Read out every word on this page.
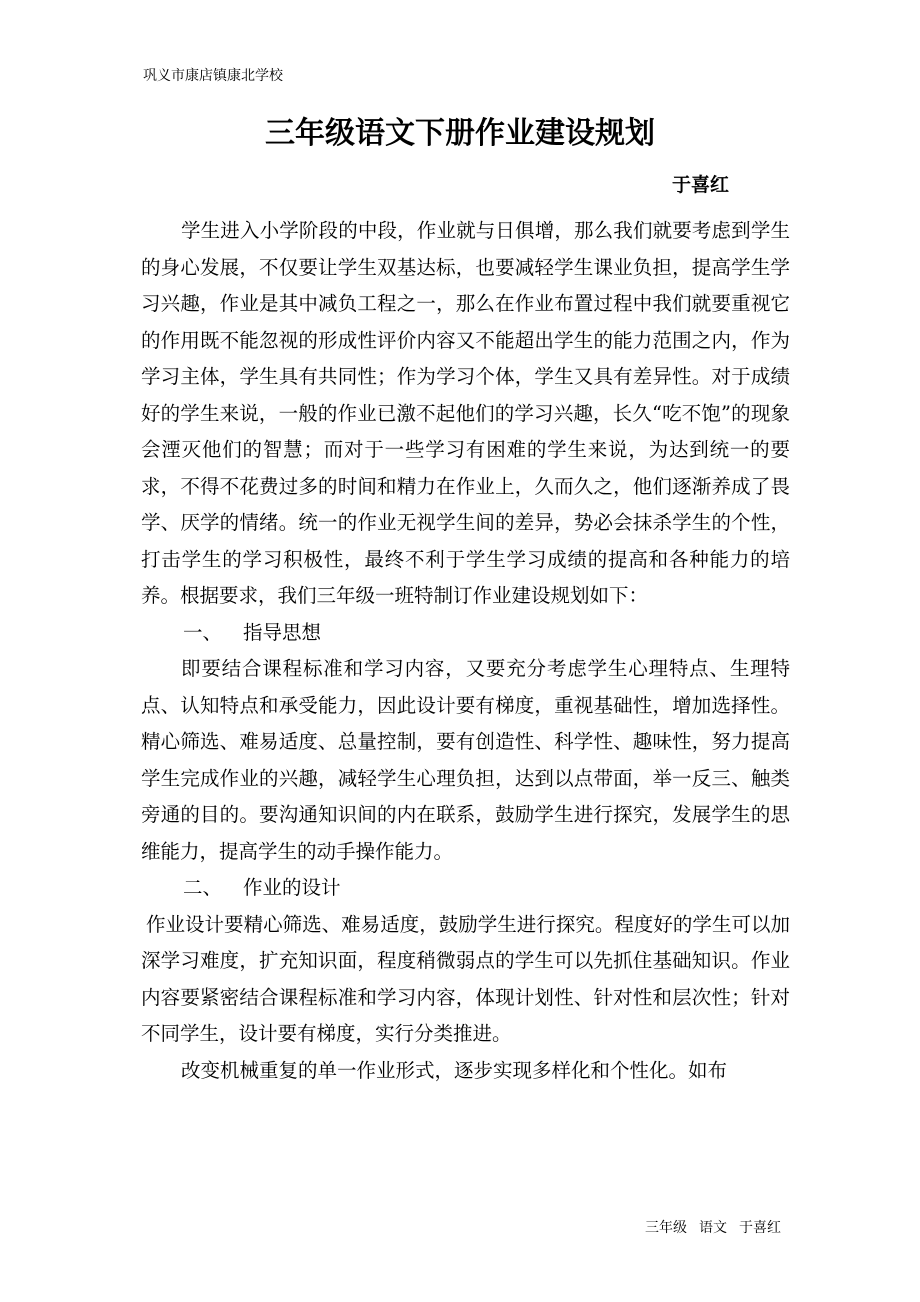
巩义市康店镇康北学校
三年级语文下册作业建设规划
于喜红

学生进入小学阶段的中段，作业就与日俱增，那么我们就要考虑到学生的身心发展，不仅要让学生双基达标，也要减轻学生课业负担，提高学生学习兴趣，作业是其中减负工程之一，那么在作业布置过程中我们就要重视它的作用既不能忽视的形成性评价内容又不能超出学生的能力范围之内，作为学习主体，学生具有共同性；作为学习个体，学生又具有差异性。对于成绩好的学生来说，一般的作业已激不起他们的学习兴趣，长久“吃不饱”的现象会湮灭他们的智慧；而对于一些学习有困难的学生来说，为达到统一的要求，不得不花费过多的时间和精力在作业上，久而久之，他们逐渐养成了畏学、厌学的情绪。统一的作业无视学生间的差异，势必会抹杀学生的个性，打击学生的学习积极性，最终不利于学生学习成绩的提高和各种能力的培养。根据要求，我们三年级一班特制订作业建设规划如下：

一、 指导思想

即要结合课程标准和学习内容，又要充分考虑学生心理特点、生理特点、认知特点和承受能力，因此设计要有梯度，重视基础性，增加选择性。精心筛选、难易适度、总量控制，要有创造性、科学性、趣味性，努力提高学生完成作业的兴趣，减轻学生心理负担，达到以点带面，举一反三、触类旁通的目的。要沟通知识间的内在联系，鼓励学生进行探究，发展学生的思维能力，提高学生的动手操作能力。

二、 作业的设计

作业设计要精心筛选、难易适度，鼓励学生进行探究。程度好的学生可以加深学习难度，扩充知识面，程度稍微弱点的学生可以先抓住基础知识。作业内容要紧密结合课程标准和学习内容，体现计划性、针对性和层次性；针对不同学生，设计要有梯度，实行分类推进。

改变机械重复的单一作业形式，逐步实现多样化和个性化。如布

三年级 语文 于喜红
